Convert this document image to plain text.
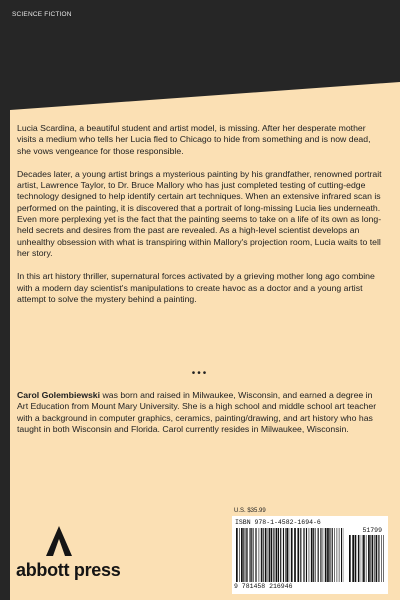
SCIENCE FICTION

Lucia Scardina, a beautiful student and artist model, is missing. After her desperate mother visits a medium who tells her Lucia fled to Chicago to hide from something and is now dead, she vows vengeance for those responsible.

Decades later, a young artist brings a mysterious painting by his grandfather, renowned portrait artist, Lawrence Taylor, to Dr. Bruce Mallory who has just completed testing of cutting-edge technology designed to help identify certain art techniques. When an extensive infrared scan is performed on the painting, it is discovered that a portrait of long-missing Lucia lies underneath. Even more perplexing yet is the fact that the painting seems to take on a life of its own as long-held secrets and desires from the past are revealed. As a high-level scientist develops an unhealthy obsession with what is transpiring within Mallory's projection room, Lucia waits to tell her story.

In this art history thriller, supernatural forces activated by a grieving mother long ago combine with a modern day scientist's manipulations to create havoc as a doctor and a young artist attempt to solve the mystery behind a painting.

•••
Carol Golembiewski was born and raised in Milwaukee, Wisconsin, and earned a degree in Art Education from Mount Mary University. She is a high school and middle school art teacher with a background in computer graphics, ceramics, painting/drawing, and art history who has taught in both Wisconsin and Florida. Carol currently resides in Milwaukee, Wisconsin.
U.S. $35.99
ISBN 978-1-4582-1694-6
51799
9 781458 216946
abbott press
